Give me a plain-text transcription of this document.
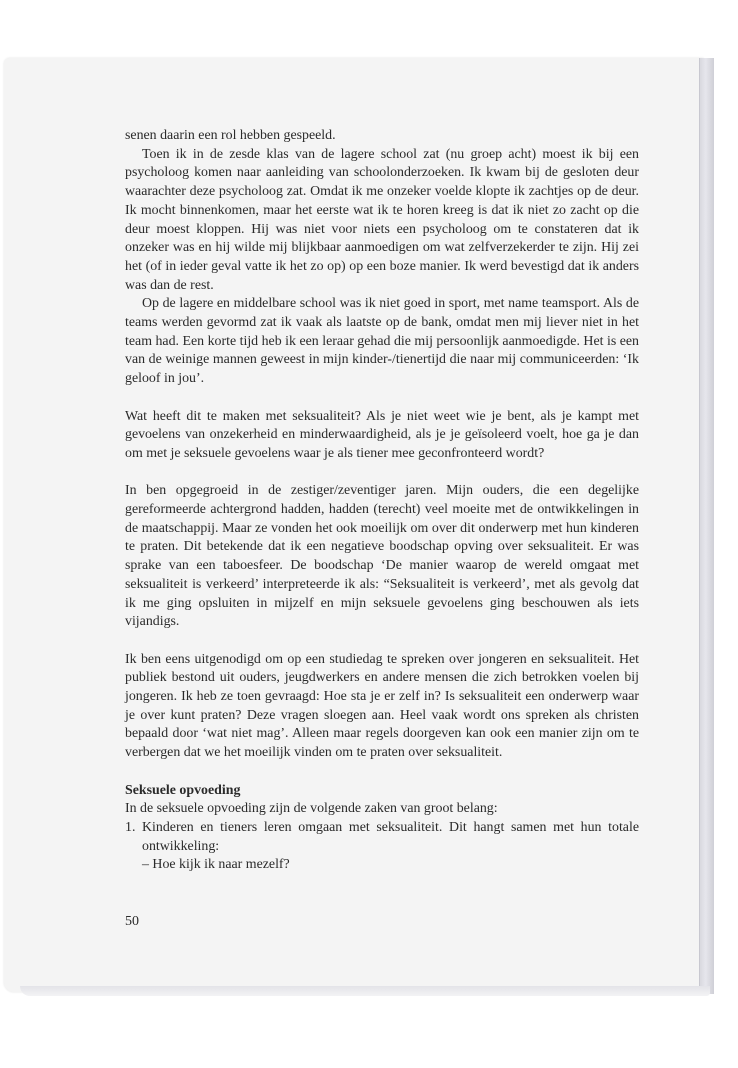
senen daarin een rol hebben gespeeld.

Toen ik in de zesde klas van de lagere school zat (nu groep acht) moest ik bij een psycholoog komen naar aanleiding van schoolonderzoeken. Ik kwam bij de gesloten deur waarachter deze psycholoog zat. Omdat ik me onzeker voelde klopte ik zachtjes op de deur. Ik mocht binnenkomen, maar het eerste wat ik te horen kreeg is dat ik niet zo zacht op die deur moest kloppen. Hij was niet voor niets een psycholoog om te constateren dat ik onzeker was en hij wilde mij blijkbaar aanmoedigen om wat zelfverzekerder te zijn. Hij zei het (of in ieder geval vatte ik het zo op) op een boze manier. Ik werd bevestigd dat ik anders was dan de rest.

Op de lagere en middelbare school was ik niet goed in sport, met name teamsport. Als de teams werden gevormd zat ik vaak als laatste op de bank, omdat men mij liever niet in het team had. Een korte tijd heb ik een leraar gehad die mij persoonlijk aanmoedigde. Het is een van de weinige mannen geweest in mijn kinder-/tienertijd die naar mij communiceerden: ‘Ik geloof in jou’.

Wat heeft dit te maken met seksualiteit? Als je niet weet wie je bent, als je kampt met gevoelens van onzekerheid en minderwaardigheid, als je je geïsoleerd voelt, hoe ga je dan om met je seksuele gevoelens waar je als tiener mee geconfronteerd wordt?

In ben opgegroeid in de zestiger/zeventiger jaren. Mijn ouders, die een degelijke gereformeerde achtergrond hadden, hadden (terecht) veel moeite met de ontwikkelingen in de maatschappij. Maar ze vonden het ook moeilijk om over dit onderwerp met hun kinderen te praten. Dit betekende dat ik een negatieve boodschap opving over seksualiteit. Er was sprake van een taboesfeer. De boodschap ‘De manier waarop de wereld omgaat met seksualiteit is verkeerd’ interpreteerde ik als: “Seksualiteit is verkeerd’, met als gevolg dat ik me ging opsluiten in mijzelf en mijn seksuele gevoelens ging beschouwen als iets vijandigs.

Ik ben eens uitgenodigd om op een studiedag te spreken over jongeren en seksualiteit. Het publiek bestond uit ouders, jeugdwerkers en andere mensen die zich betrokken voelen bij jongeren. Ik heb ze toen gevraagd: Hoe sta je er zelf in? Is seksualiteit een onderwerp waar je over kunt praten? Deze vragen sloegen aan. Heel vaak wordt ons spreken als christen bepaald door ‘wat niet mag’. Alleen maar regels doorgeven kan ook een manier zijn om te verbergen dat we het moeilijk vinden om te praten over seksualiteit.

Seksuele opvoeding

In de seksuele opvoeding zijn de volgende zaken van groot belang:

1. Kinderen en tieners leren omgaan met seksualiteit. Dit hangt samen met hun totale ontwikkeling:

– Hoe kijk ik naar mezelf?

50
